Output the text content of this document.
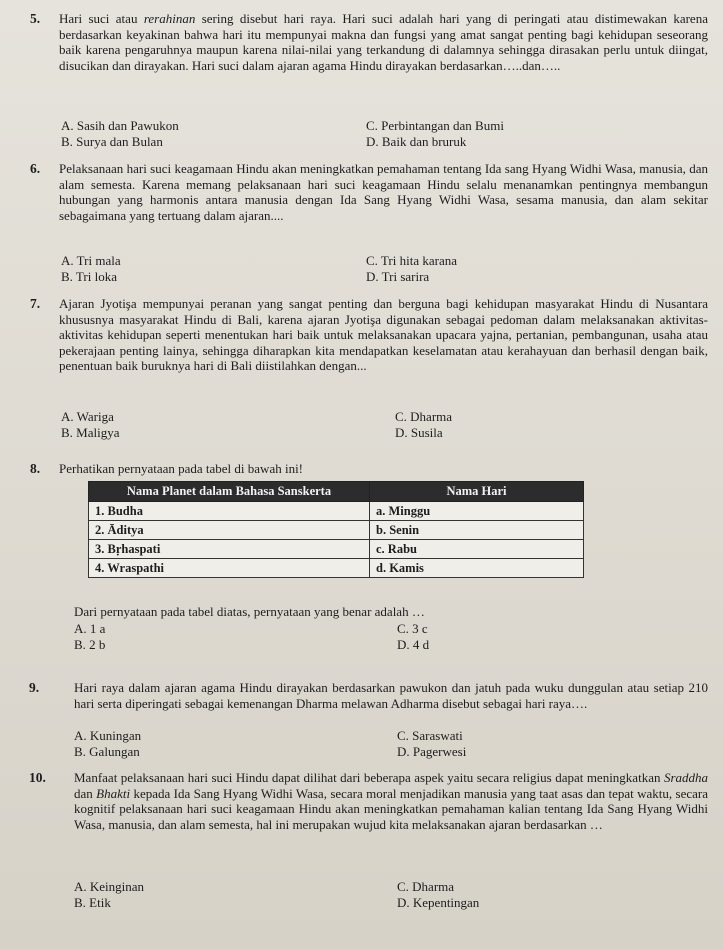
5. Hari suci atau rerahinan sering disebut hari raya. Hari suci adalah hari yang di peringati atau distimewakan karena berdasarkan keyakinan bahwa hari itu mempunyai makna dan fungsi yang amat sangat penting bagi kehidupan seseorang baik karena pengaruhnya maupun karena nilai-nilai yang terkandung di dalamnya sehingga dirasakan perlu untuk diingat, disucikan dan dirayakan. Hari suci dalam ajaran agama Hindu dirayakan berdasarkan…..dan…..
A. Sasih dan Pawukon
B. Surya dan Bulan
C. Perbintangan dan Bumi
D. Baik dan bruruk
6. Pelaksanaan hari suci keagamaan Hindu akan meningkatkan pemahaman tentang Ida sang Hyang Widhi Wasa, manusia, dan alam semesta. Karena memang pelaksanaan hari suci keagamaan Hindu selalu menanamkan pentingnya membangun hubungan yang harmonis antara manusia dengan Ida Sang Hyang Widhi Wasa, sesama manusia, dan alam sekitar sebagaimana yang tertuang dalam ajaran....
A. Tri mala
B. Tri loka
C. Tri hita karana
D. Tri sarira
7. Ajaran Jyotişa mempunyai peranan yang sangat penting dan berguna bagi kehidupan masyarakat Hindu di Nusantara khususnya masyarakat Hindu di Bali, karena ajaran Jyotişa digunakan sebagai pedoman dalam melaksanakan aktivitas-aktivitas kehidupan seperti menentukan hari baik untuk melaksanakan upacara yajna, pertanian, pembangunan, usaha atau pekerajaan penting lainya, sehingga diharapkan kita mendapatkan keselamatan atau kerahayuan dan berhasil dengan baik, penentuan baik buruknya hari di Bali diistilahkan dengan...
A. Wariga
B. Maligya
C. Dharma
D. Susila
8. Perhatikan pernyataan pada tabel di bawah ini!
Nama Planet dalam Bahasa Sanskerta	Nama Hari
1. Budha	a. Minggu
2. Āditya	b. Senin
3. Bṛhaspati	c. Rabu
4. Wraspathi	d. Kamis
Dari pernyataan pada tabel diatas, pernyataan yang benar adalah …
A. 1 a
B. 2 b
C. 3 c
D. 4 d
9.	Hari raya dalam ajaran agama Hindu dirayakan berdasarkan pawukon dan jatuh pada wuku dunggulan atau setiap 210 hari serta diperingati sebagai kemenangan Dharma melawan Adharma disebut sebagai hari raya….
A. Kuningan
B. Galungan
C. Saraswati
D. Pagerwesi
10. Manfaat pelaksanaan hari suci Hindu dapat dilihat dari beberapa aspek yaitu secara religius dapat meningkatkan Sraddha dan Bhakti kepada Ida Sang Hyang Widhi Wasa, secara moral menjadikan manusia yang taat asas dan tepat waktu, secara kognitif pelaksanaan hari suci keagamaan Hindu akan meningkatkan pemahaman kalian tentang Ida Sang Hyang Widhi Wasa, manusia, dan alam semesta, hal ini merupakan wujud kita melaksanakan ajaran berdasarkan …
A. Keinginan
B. Etik
C. Dharma
D. Kepentingan
